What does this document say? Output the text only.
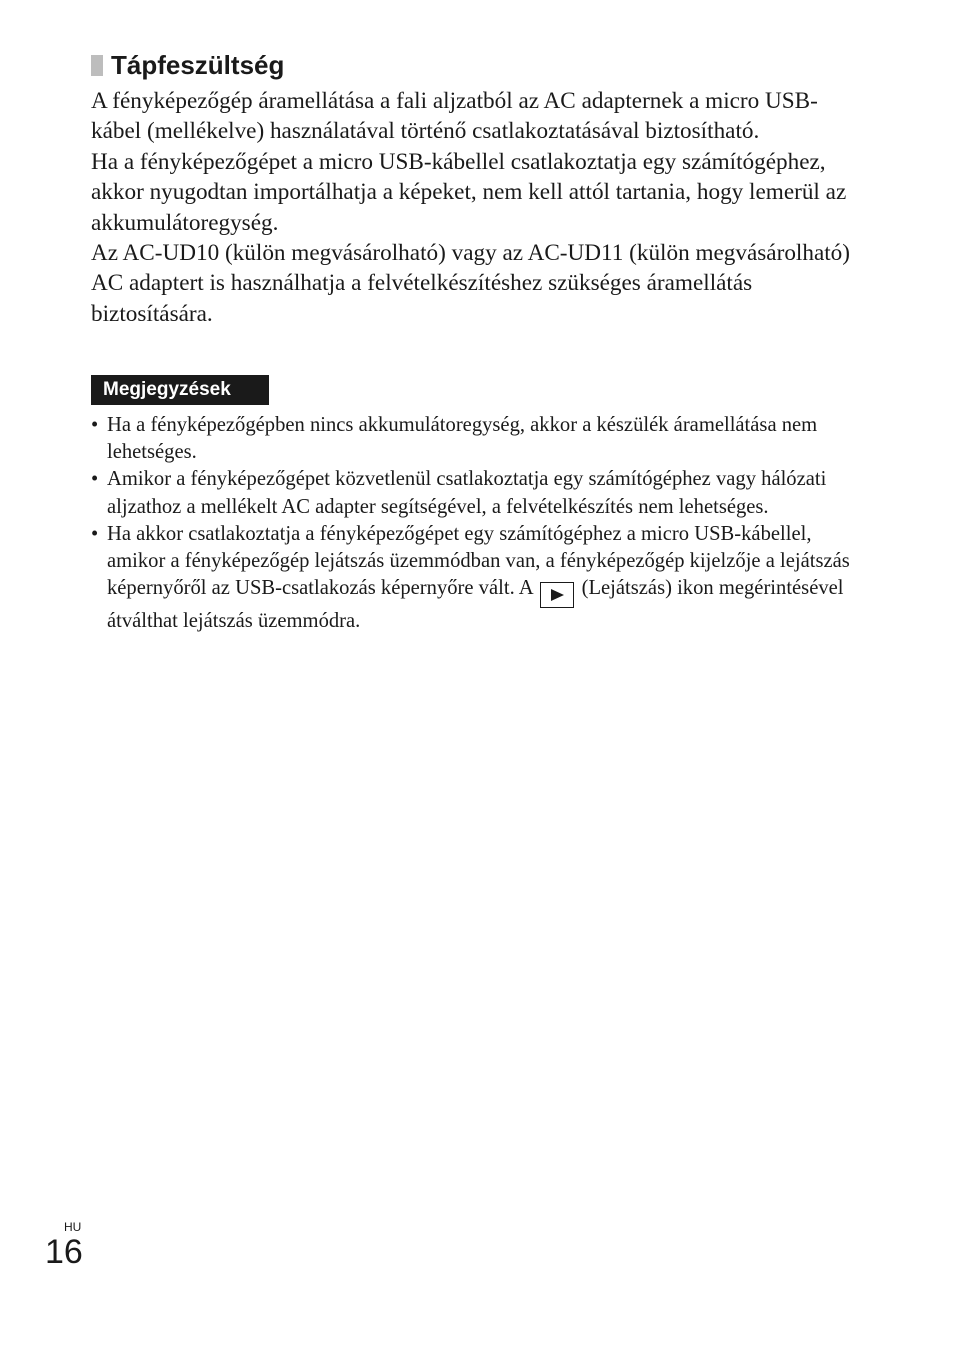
Tápfeszültség

A fényképezőgép áramellátása a fali aljzatból az AC adapternek a micro USB-kábel (mellékelve) használatával történő csatlakoztatásával biztosítható.

Ha a fényképezőgépet a micro USB-kábellel csatlakoztatja egy számítógéphez, akkor nyugodtan importálhatja a képeket, nem kell attól tartania, hogy lemerül az akkumulátoregység.

Az AC-UD10 (külön megvásárolható) vagy az AC-UD11 (külön megvásárolható) AC adaptert is használhatja a felvételkészítéshez szükséges áramellátás biztosítására.

Megjegyzések
• Ha a fényképezőgépben nincs akkumulátoregység, akkor a készülék áramellátása nem lehetséges.
• Amikor a fényképezőgépet közvetlenül csatlakoztatja egy számítógéphez vagy hálózati aljzathoz a mellékelt AC adapter segítségével, a felvételkészítés nem lehetséges.
• Ha akkor csatlakoztatja a fényképezőgépet egy számítógéphez a micro USB-kábellel, amikor a fényképezőgép lejátszás üzemmódban van, a fényképezőgép kijelzője a lejátszás képernyőről az USB-csatlakozás képernyőre vált. A (Lejátszás) ikon megérintésével átválthat lejátszás üzemmódra.
HU
16
